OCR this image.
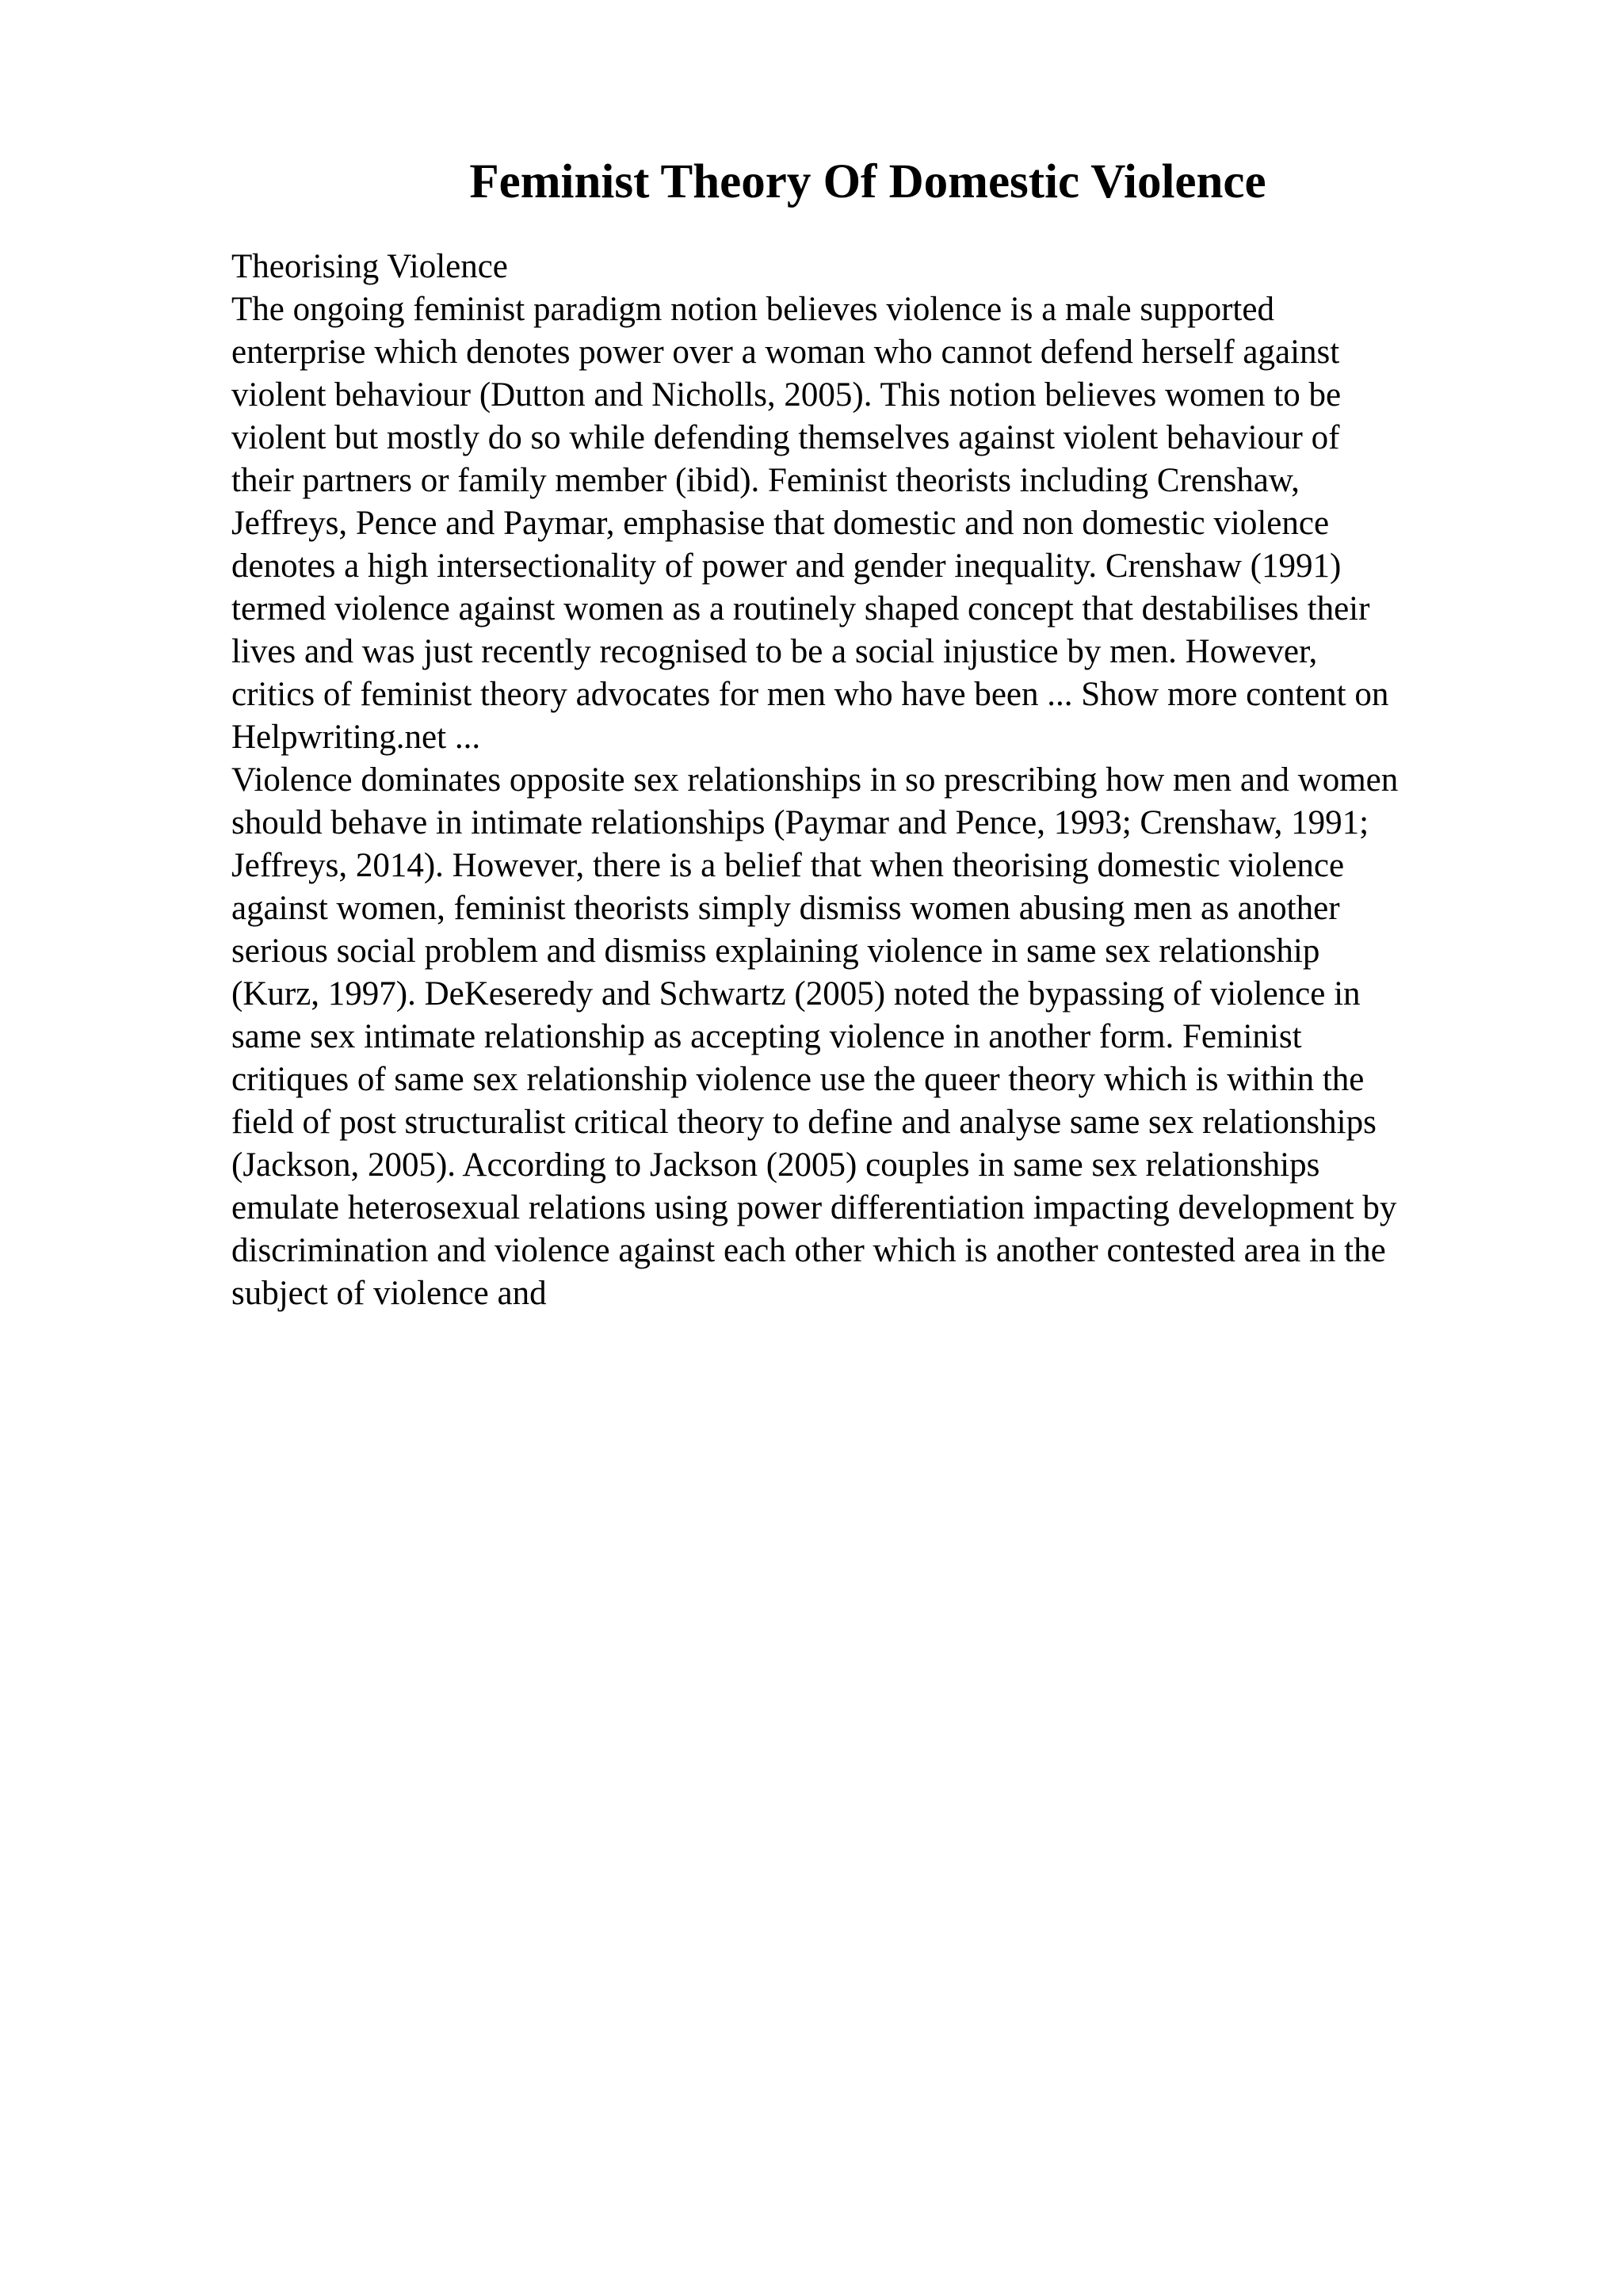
Feminist Theory Of Domestic Violence
Theorising Violence
The ongoing feminist paradigm notion believes violence is a male supported
enterprise which denotes power over a woman who cannot defend herself against
violent behaviour (Dutton and Nicholls, 2005). This notion believes women to be
violent but mostly do so while defending themselves against violent behaviour of
their partners or family member (ibid). Feminist theorists including Crenshaw,
Jeffreys, Pence and Paymar, emphasise that domestic and non domestic violence
denotes a high intersectionality of power and gender inequality. Crenshaw (1991)
termed violence against women as a routinely shaped concept that destabilises their
lives and was just recently recognised to be a social injustice by men. However,
critics of feminist theory advocates for men who have been ... Show more content on
Helpwriting.net ...
Violence dominates opposite sex relationships in so prescribing how men and women
should behave in intimate relationships (Paymar and Pence, 1993; Crenshaw, 1991;
Jeffreys, 2014). However, there is a belief that when theorising domestic violence
against women, feminist theorists simply dismiss women abusing men as another
serious social problem and dismiss explaining violence in same sex relationship
(Kurz, 1997). DeKeseredy and Schwartz (2005) noted the bypassing of violence in
same sex intimate relationship as accepting violence in another form. Feminist
critiques of same sex relationship violence use the queer theory which is within the
field of post structuralist critical theory to define and analyse same sex relationships
(Jackson, 2005). According to Jackson (2005) couples in same sex relationships
emulate heterosexual relations using power differentiation impacting development by
discrimination and violence against each other which is another contested area in the
subject of violence and
